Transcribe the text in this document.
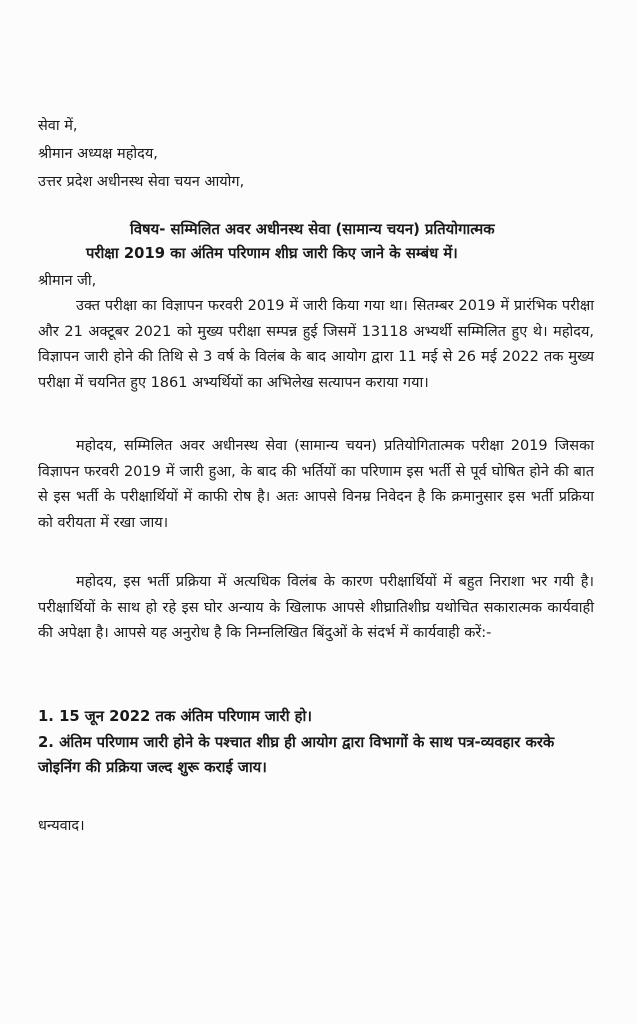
सेवा में,
श्रीमान अध्यक्ष महोदय,
उत्तर प्रदेश अधीनस्थ सेवा चयन आयोग,
विषय- सम्मिलित अवर अधीनस्थ सेवा (सामान्य चयन) प्रतियोगात्मक
परीक्षा 2019 का अंतिम परिणाम शीघ्र जारी किए जाने के सम्बंध में।
श्रीमान जी,

उक्त परीक्षा का विज्ञापन फरवरी 2019 में जारी किया गया था। सितम्बर 2019 में प्रारंभिक परीक्षा और 21 अक्टूबर 2021 को मुख्य परीक्षा सम्पन्न हुई जिसमें 13118 अभ्यर्थी सम्मिलित हुए थे। महोदय, विज्ञापन जारी होने की तिथि से 3 वर्ष के विलंब के बाद आयोग द्वारा 11 मई से 26 मई 2022 तक मुख्य परीक्षा में चयनित हुए 1861 अभ्यर्थियों का अभिलेख सत्यापन कराया गया।

महोदय, सम्मिलित अवर अधीनस्थ सेवा (सामान्य चयन) प्रतियोगितात्मक परीक्षा 2019 जिसका विज्ञापन फरवरी 2019 में जारी हुआ, के बाद की भर्तियों का परिणाम इस भर्ती से पूर्व घोषित होने की बात से इस भर्ती के परीक्षार्थियों में काफी रोष है। अतः आपसे विनम्र निवेदन है कि क्रमानुसार इस भर्ती प्रक्रिया को वरीयता में रखा जाय।

महोदय, इस भर्ती प्रक्रिया में अत्यधिक विलंब के कारण परीक्षार्थियों में बहुत निराशा भर गयी है। परीक्षार्थियों के साथ हो रहे इस घोर अन्याय के खिलाफ आपसे शीघ्रातिशीघ्र यथोचित सकारात्मक कार्यवाही की अपेक्षा है। आपसे यह अनुरोध है कि निम्नलिखित बिंदुओं के संदर्भ में कार्यवाही करें:-

1. 15 जून 2022 तक अंतिम परिणाम जारी हो।

2. अंतिम परिणाम जारी होने के पश्चात शीघ्र ही आयोग द्वारा विभागों के साथ पत्र-व्यवहार करके जोइनिंग की प्रक्रिया जल्द शुरू कराई जाय।

धन्यवाद।
